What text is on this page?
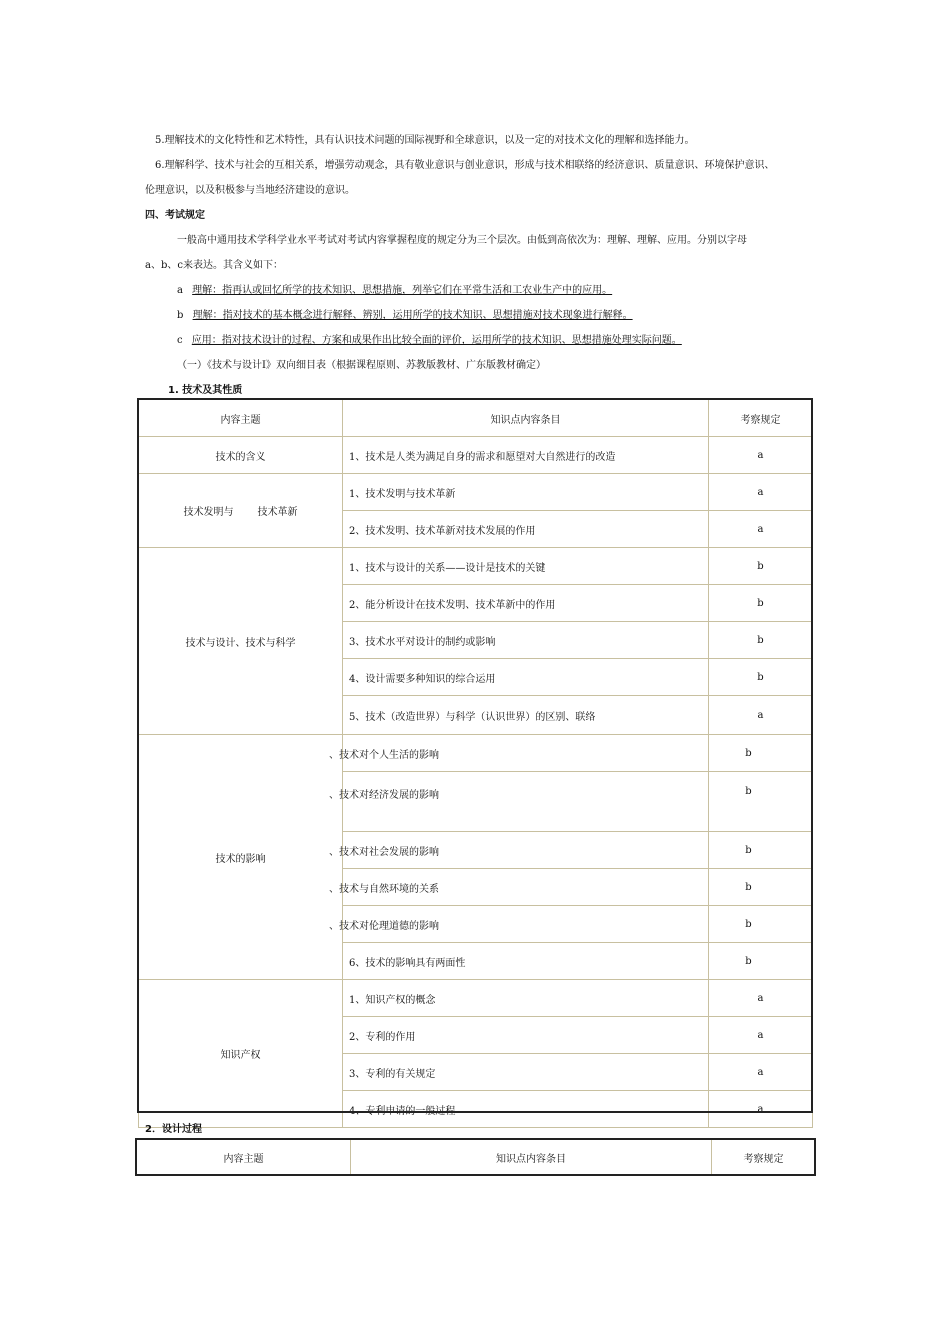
5.理解技术的文化特性和艺术特性，具有认识技术问题的国际视野和全球意识，以及一定的对技术文化的理解和选择能力。
6.理解科学、技术与社会的互相关系，增强劳动观念，具有敬业意识与创业意识，形成与技术相联络的经济意识、质量意识、环境保护意识、
伦理意识，以及积极参与当地经济建设的意识。
四、考试规定
一般高中通用技术学科学业水平考试对考试内容掌握程度的规定分为三个层次。由低到高依次为：理解、理解、应用。分别以字母
a、b、c来表达。其含义如下：
a 理解：指再认或回忆所学的技术知识、思想措施，列举它们在平常生活和工农业生产中的应用。
b 理解：指对技术的基本概念进行解释、辨别，运用所学的技术知识、思想措施对技术现象进行解释。
c 应用：指对技术设计的过程、方案和成果作出比较全面的评价，运用所学的技术知识、思想措施处理实际问题。
（一）《技术与设计Ⅰ》双向细目表（根据课程原则、苏教版教材、广东版教材确定）
1. 技术及其性质
内容主题	知识点内容条目	考察规定
技术的含义	1、技术是人类为满足自身的需求和愿望对大自然进行的改造	a
技术发明与 技术革新	1、技术发明与技术革新	a
	2、技术发明、技术革新对技术发展的作用	a
技术与设计、技术与科学	1、技术与设计的关系——设计是技术的关键	b
	2、能分析设计在技术发明、技术革新中的作用	b
	3、技术水平对设计的制约或影响	b
	4、设计需要多种知识的综合运用	b
	5、技术（改造世界）与科学（认识世界）的区别、联络	a
技术的影响	、技术对个人生活的影响	b
	、技术对经济发展的影响	b
	、技术对社会发展的影响	b
	、技术与自然环境的关系	b
	、技术对伦理道德的影响	b
	6、技术的影响具有两面性	b
知识产权	1、知识产权的概念	a
	2、专利的作用	a
	3、专利的有关规定	a
	4、专利申请的一般过程	a
2．设计过程
内容主题	知识点内容条目	考察规定
